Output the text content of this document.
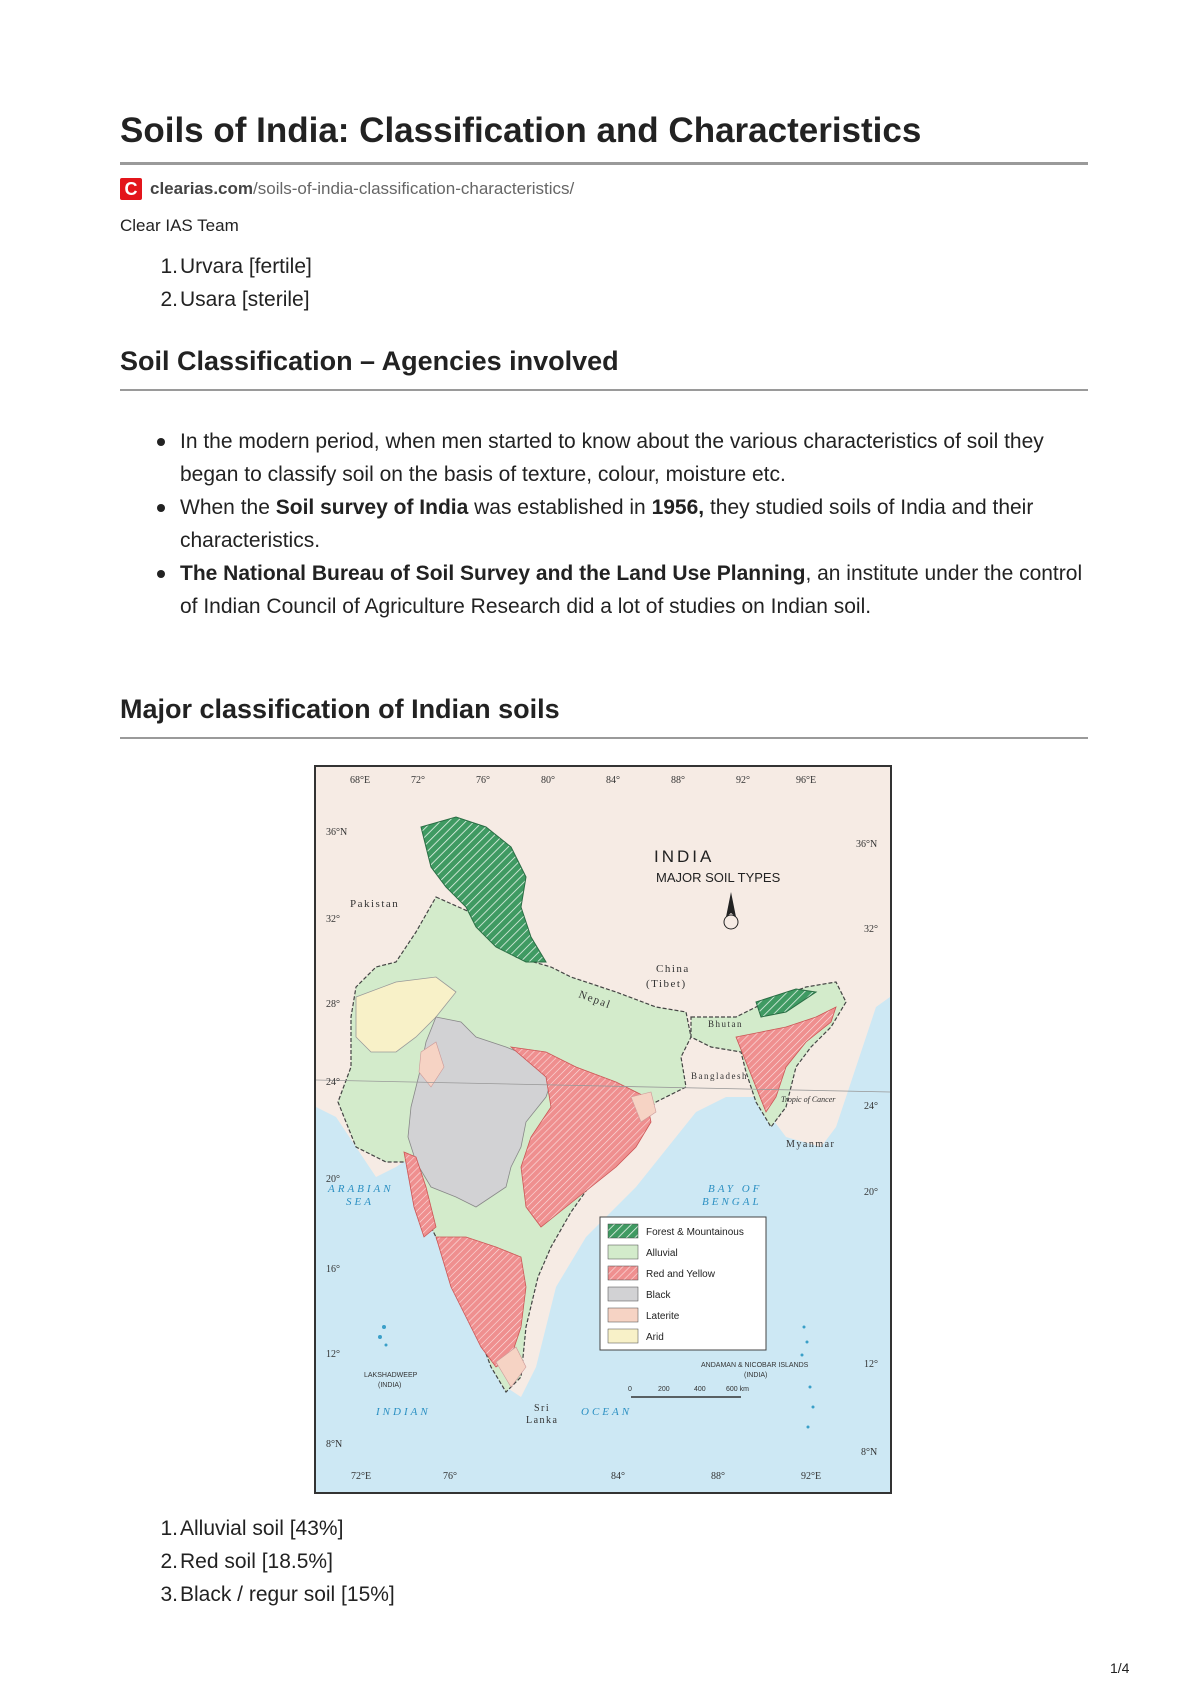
Soils of India: Classification and Characteristics
C clearias.com /soils-of-india-classification-characteristics/
Clear IAS Team
1. Urvara [fertile]
2. Usara [sterile]
Soil Classification – Agencies involved
In the modern period, when men started to know about the various characteristics of soil they began to classify soil on the basis of texture, colour, moisture etc.
When the Soil survey of India was established in 1956, they studied soils of India and their characteristics.
The National Bureau of Soil Survey and the Land Use Planning, an institute under the control of Indian Council of Agriculture Research did a lot of studies on Indian soil.
Major classification of Indian soils
68°E	72°	76°	80°	84°	88°	92°	96°E
36°N
32°
28°
24°
20°
16°
12°
8°N
36°N
32°
24°
20°
12°
8°N
72°E	76°	84°	88°	92°E
INDIA
MAJOR SOIL TYPES
Pakistan
China
(Tibet)
Nepal
Bhutan
Bangladesh
Myanmar
Tropic of Cancer
Sri
Lanka
ARABIAN
SEA
BAY OF
BENGAL
INDIAN	OCEAN
LAKSHADWEEP
(INDIA)
ANDAMAN & NICOBAR ISLANDS
(INDIA)
0	200	400	600 km
Forest & Mountainous
Alluvial
Red and Yellow
Black
Laterite
Arid
1. Alluvial soil [43%]
2. Red soil [18.5%]
3. Black / regur soil [15%]
1/4
